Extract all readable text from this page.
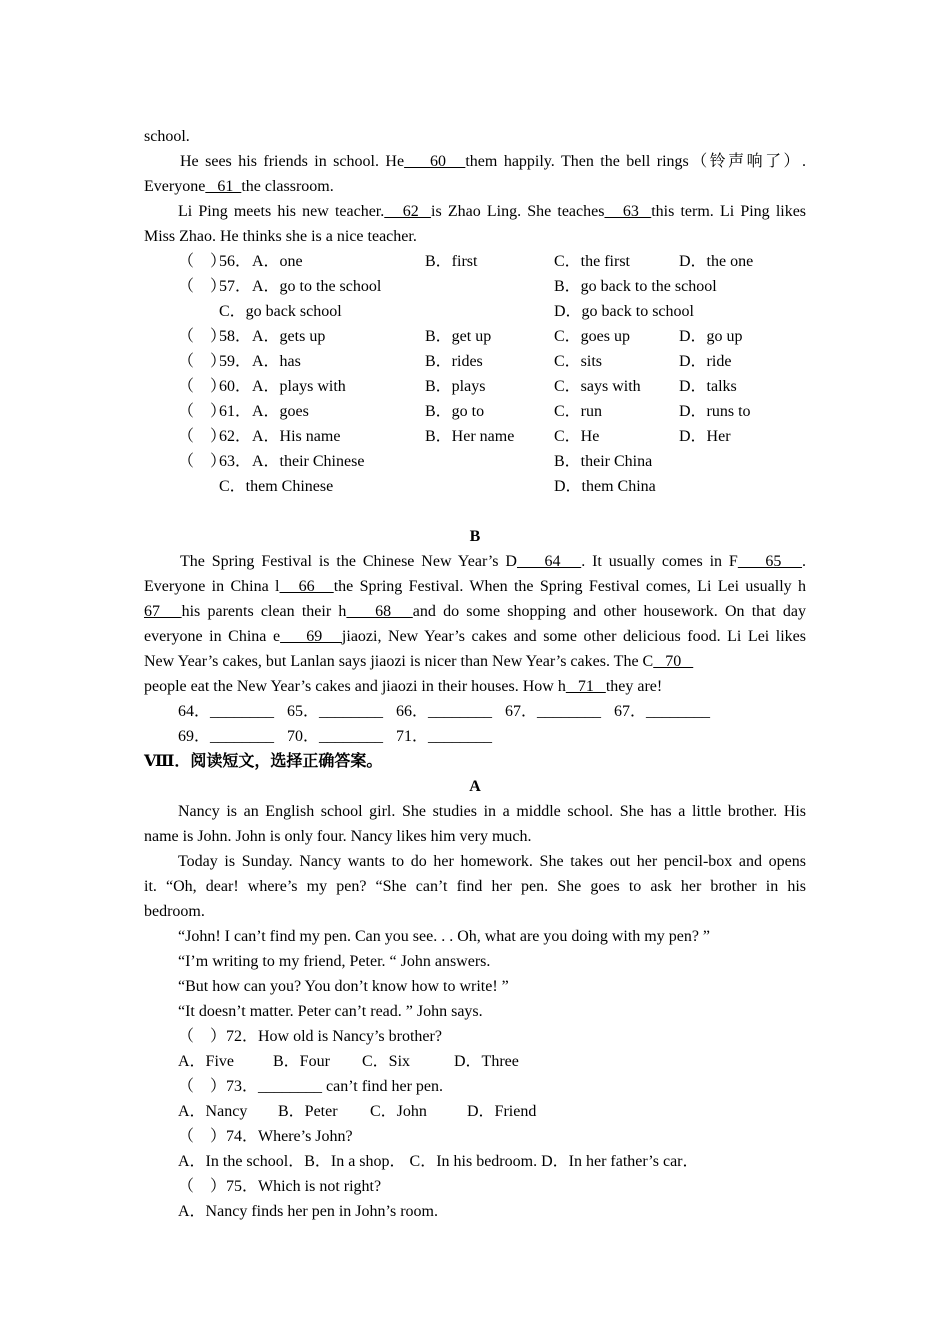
school.
He sees his friends in school. He    60   them happily. Then the bell rings（铃声响了）.
Everyone   61  the classroom.
Li Ping meets his new teacher.   62  is Zhao Ling. She teaches   63  this term. Li Ping likes
Miss Zhao. He thinks she is a nice teacher.
（　）
56． A．one	B．first	C．the first	D．the one
（　）
57． A．go to the school	B．go back to the school
C．go back school	D．go back to school
（　）
58． A．gets up	B．get up	C．goes up	D．go up
（　）
59． A．has	B．rides	C．sits	D．ride
（　）
60． A．plays with	B．plays	C．says with D．talks
（　）
61． A．goes	B．go to	C．run	D．runs to
（　）
62． A．His name	B．Her name C．He	D．Her
（　）
63． A．their Chinese	B．their China
C．them Chinese	D．them China
B
The Spring Festival is the Chinese New Year’s D    64   . It usually comes in F    65   .
Everyone in China l   66   the Spring Festival. When the Spring Festival comes, Li Lei usually h
67   his parents clean their h    68   and do some shopping and other housework. On that day
everyone in China e    69   jiaozi, New Year’s cakes and some other delicious food. Li Lei likes
New Year’s cakes, but Lanlan says jiaozi is nicer than New Year’s cakes. The C   70
people eat the New Year’s cakes and jiaozi in their houses. How h   71   they are!
64．________ 65．________ 66．________ 67．________ 67．________
69．________ 70．________ 71．________
Ⅷ．阅读短文，选择正确答案。
A
Nancy is an English school girl. She studies in a middle school. She has a little brother. His
name is John. John is only four. Nancy likes him very much.
Today is Sunday. Nancy wants to do her homework. She takes out her pencil-box and opens
it. “Oh, dear! where’s my pen? “She can’t find her pen. She goes to ask her brother in his
bedroom.
“John! I can’t find my pen. Can you see. . . Oh, what are you doing with my pen? ”
“I’m writing to my friend, Peter. “ John answers.
“But how can you? You don’t know how to write! ”
“It doesn’t matter. Peter can’t read. ” John says.
（　）72．How old is Nancy’s brother?
A．Five B．Four C．Six	D．Three
（　）73．________ can’t find her pen.
A．Nancy B．Peter C．John	D．Friend
（　）74．Where’s John?
A．In the school．B．In a shop． C．In his bedroom. D．In her father’s car．
（　）75．Which is not right?
A．Nancy finds her pen in John’s room.
